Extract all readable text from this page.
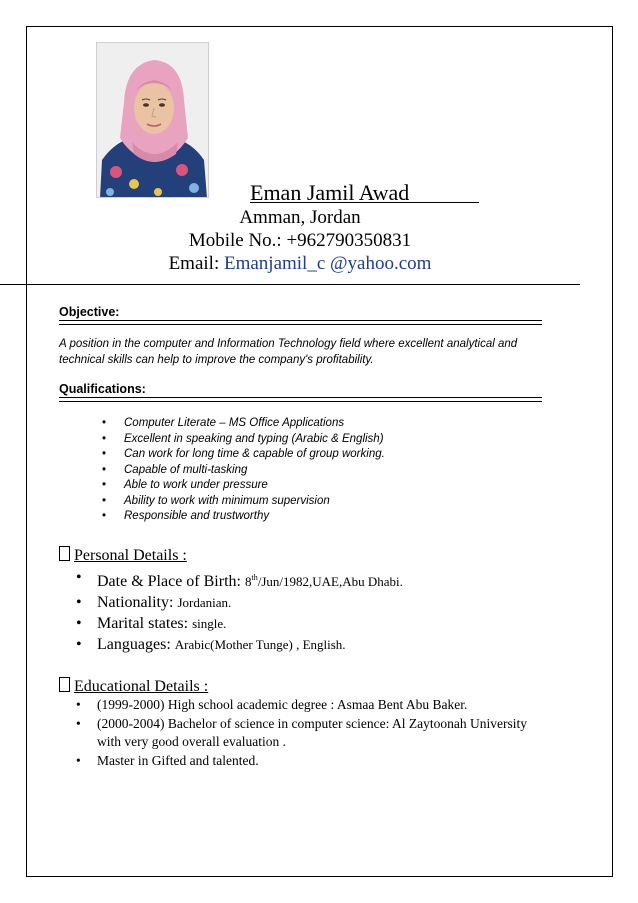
Eman Jamil Awad
Amman, Jordan
Mobile No.: +962790350831
Email: Emanjamil_c @yahoo.com
Objective:
A position in the computer and Information Technology field where excellent analytical and technical skills can help to improve the company's profitability.
Qualifications:
• Computer Literate – MS Office Applications
• Excellent in speaking and typing (Arabic & English)
• Can work for long time & capable of group working.
• Capable of multi-tasking
• Able to work under pressure
• Ability to work with minimum supervision
• Responsible and trustworthy
Personal Details :
• Date & Place of Birth: 8th/Jun/1982,UAE,Abu Dhabi.
• Nationality: Jordanian.
• Marital states: single.
• Languages: Arabic(Mother Tunge) , English.
Educational Details :
• (1999-2000) High school academic degree : Asmaa Bent Abu Baker.
• (2000-2004) Bachelor of science in computer science: Al Zaytoonah University with very good overall evaluation .
• Master in Gifted and talented.
